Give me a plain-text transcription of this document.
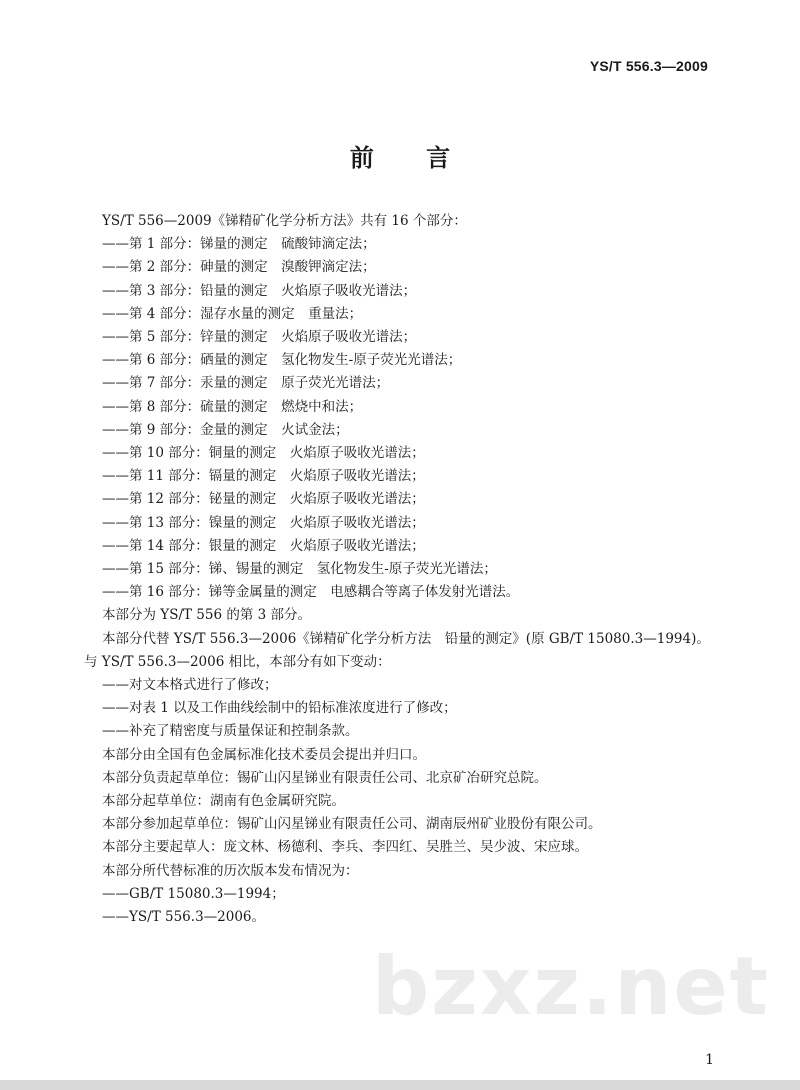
YS/T 556.3—2009
前 言
YS/T 556—2009《锑精矿化学分析方法》共有 16 个部分：
——第 1 部分：锑量的测定　硫酸铈滴定法；
——第 2 部分：砷量的测定　溴酸钾滴定法；
——第 3 部分：铅量的测定　火焰原子吸收光谱法；
——第 4 部分：湿存水量的测定　重量法；
——第 5 部分：锌量的测定　火焰原子吸收光谱法；
——第 6 部分：硒量的测定　氢化物发生-原子荧光光谱法；
——第 7 部分：汞量的测定　原子荧光光谱法；
——第 8 部分：硫量的测定　燃烧中和法；
——第 9 部分：金量的测定　火试金法；
——第 10 部分：铜量的测定　火焰原子吸收光谱法；
——第 11 部分：镉量的测定　火焰原子吸收光谱法；
——第 12 部分：铋量的测定　火焰原子吸收光谱法；
——第 13 部分：镍量的测定　火焰原子吸收光谱法；
——第 14 部分：银量的测定　火焰原子吸收光谱法；
——第 15 部分：锑、锡量的测定　氢化物发生-原子荧光光谱法；
——第 16 部分：锑等金属量的测定　电感耦合等离子体发射光谱法。
本部分为 YS/T 556 的第 3 部分。
本部分代替 YS/T 556.3—2006《锑精矿化学分析方法　铅量的测定》(原 GB/T 15080.3—1994)。
与 YS/T 556.3—2006 相比，本部分有如下变动：
——对文本格式进行了修改；
——对表 1 以及工作曲线绘制中的铅标准浓度进行了修改；
——补充了精密度与质量保证和控制条款。
本部分由全国有色金属标准化技术委员会提出并归口。
本部分负责起草单位：锡矿山闪星锑业有限责任公司、北京矿冶研究总院。
本部分起草单位：湖南有色金属研究院。
本部分参加起草单位：锡矿山闪星锑业有限责任公司、湖南辰州矿业股份有限公司。
本部分主要起草人：庞文林、杨德利、李兵、李四红、吴胜兰、吴少波、宋应球。
本部分所代替标准的历次版本发布情况为：
——GB/T 15080.3—1994；
——YS/T 556.3—2006。
bzxz.net
1
